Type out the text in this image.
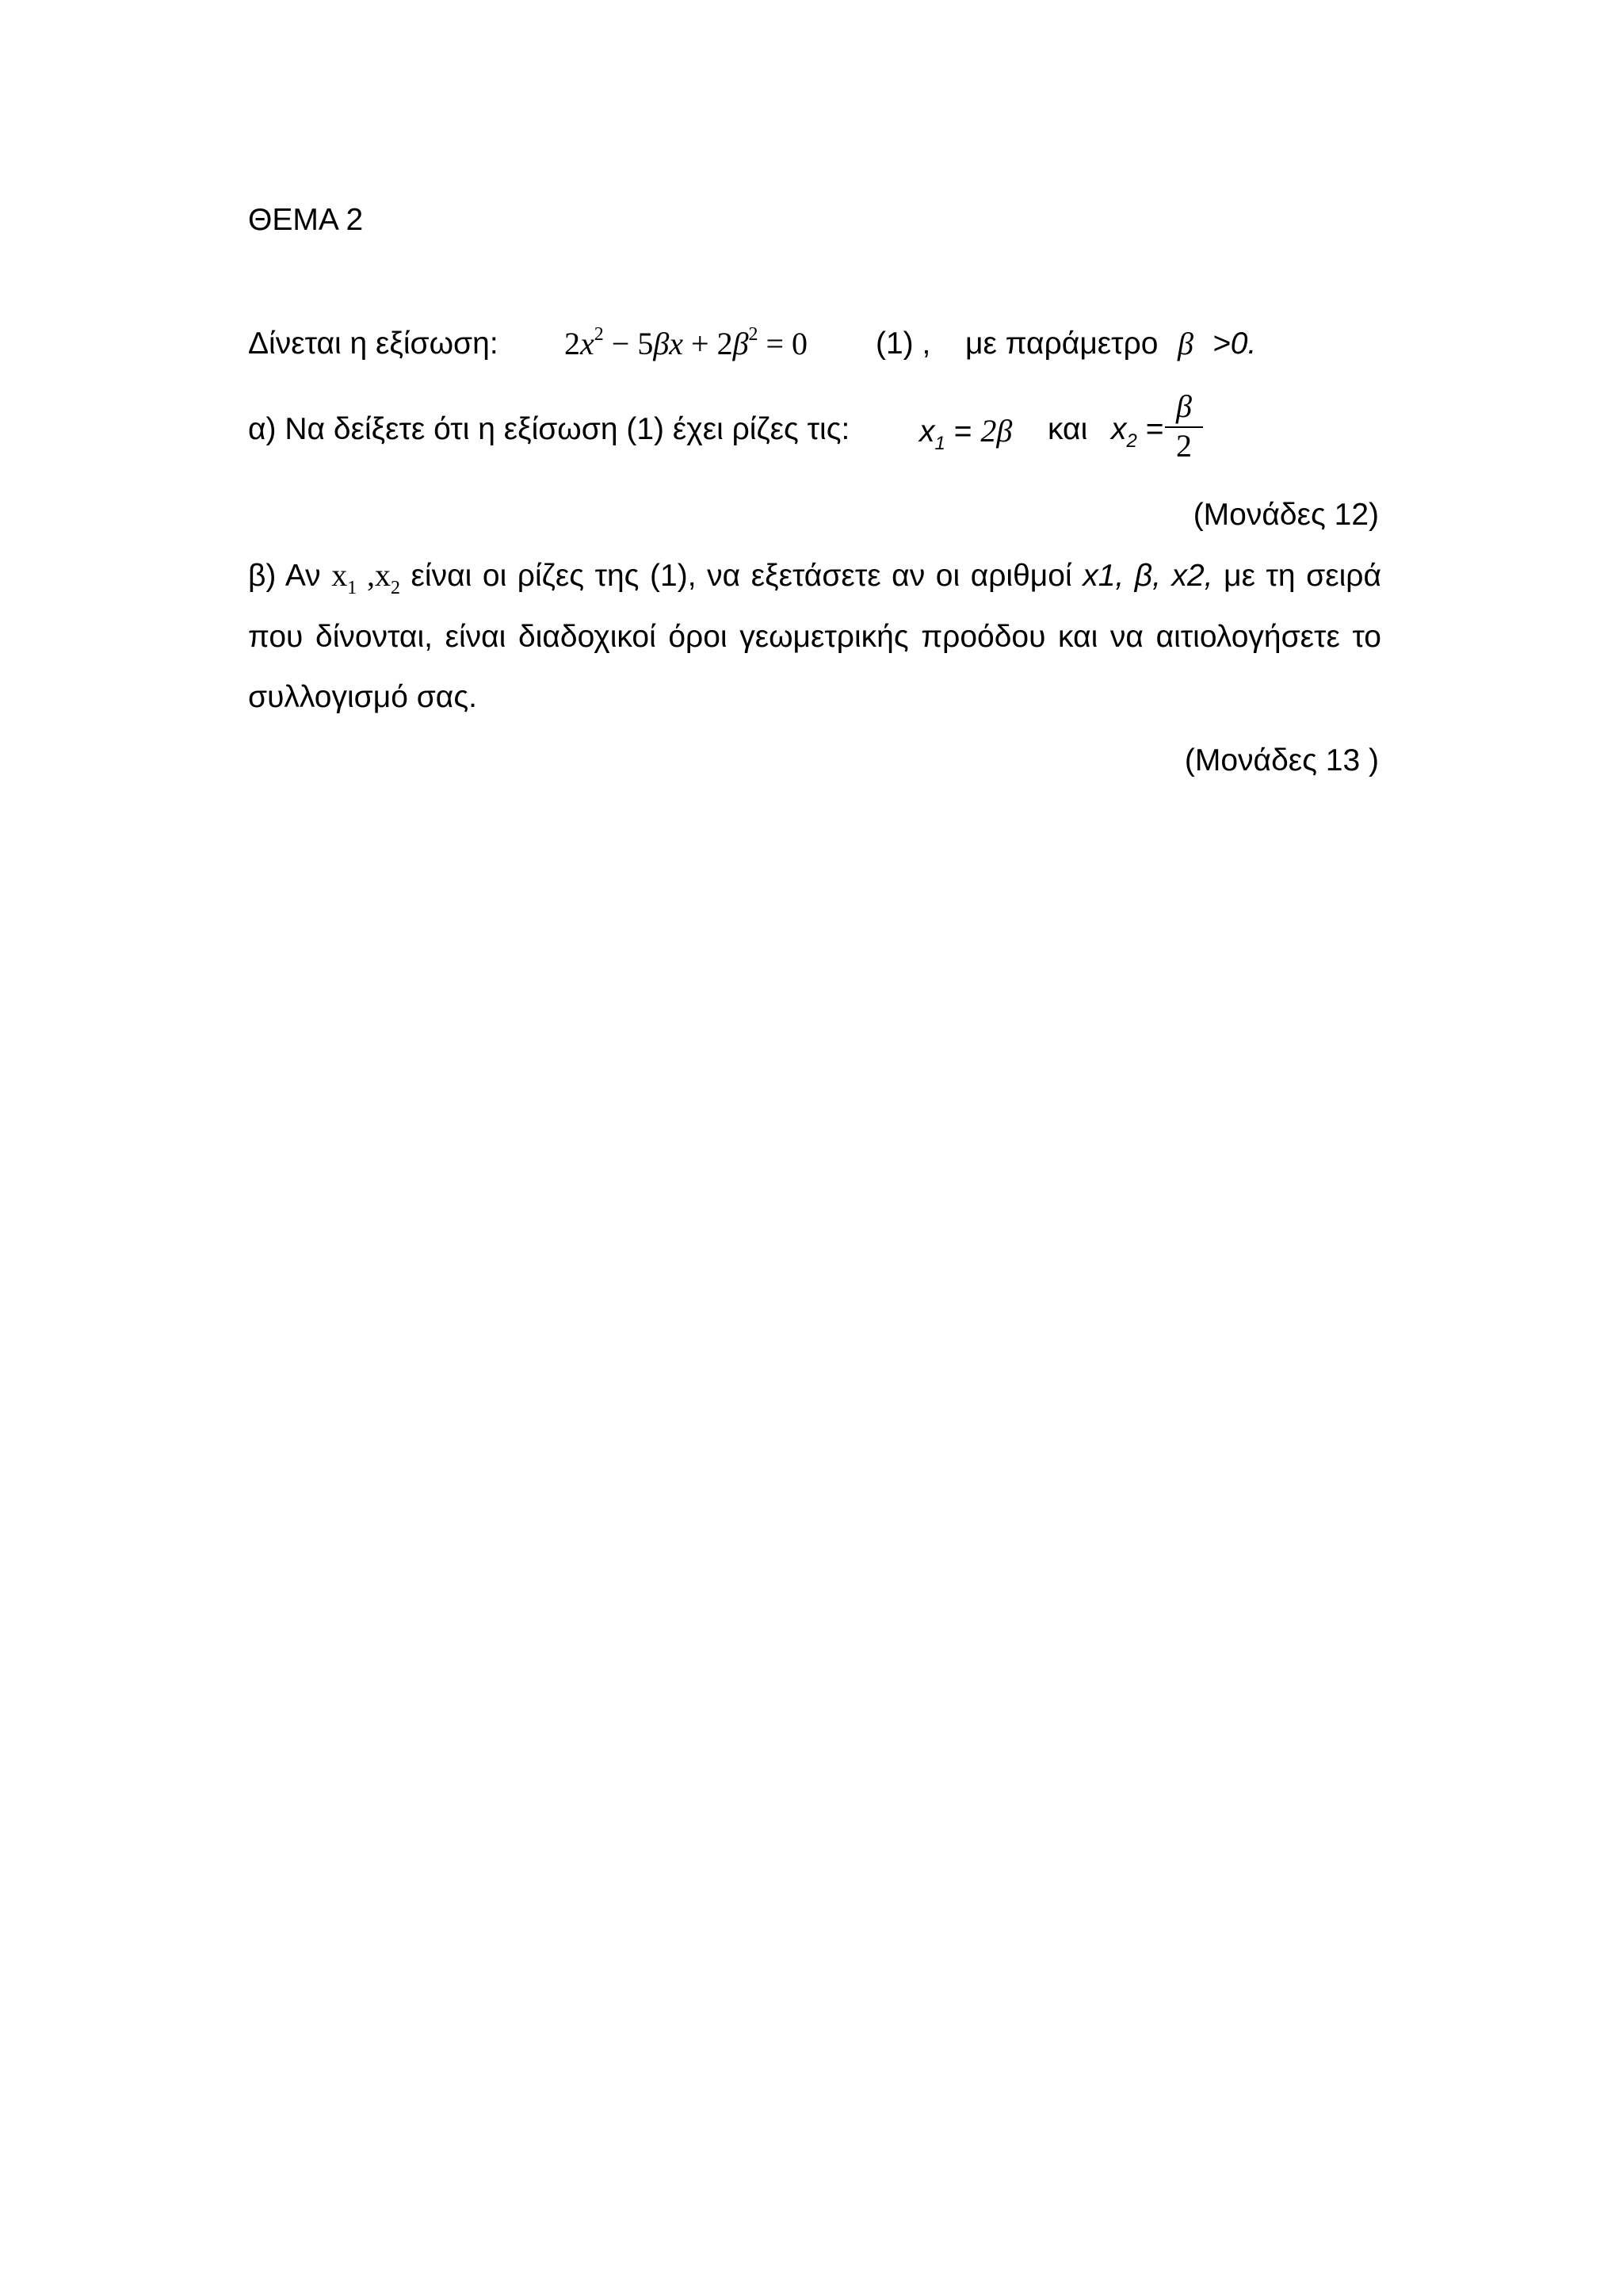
ΘΕΜΑ 2
Δίνεται η εξίσωση: $2x^2 - 5\beta x + 2\beta^2 = 0$ (1) , με παράμετρο β >0.
α) Να δείξετε ότι η εξίσωση (1) έχει ρίζες τις: $x_1 = 2\beta$ και $x_2$ =
β
2
(Μονάδες 12)
β) Αν $x_1$ $,x_2$ είναι οι ρίζες της (1), να εξετάσετε αν οι αριθμοί x1, β, x2, με τη σειρά
που δίνονται, είναι διαδοχικοί όροι γεωμετρικής προόδου και να αιτιολογήσετε το
συλλογισμό σας.
(Μονάδες 13 )
